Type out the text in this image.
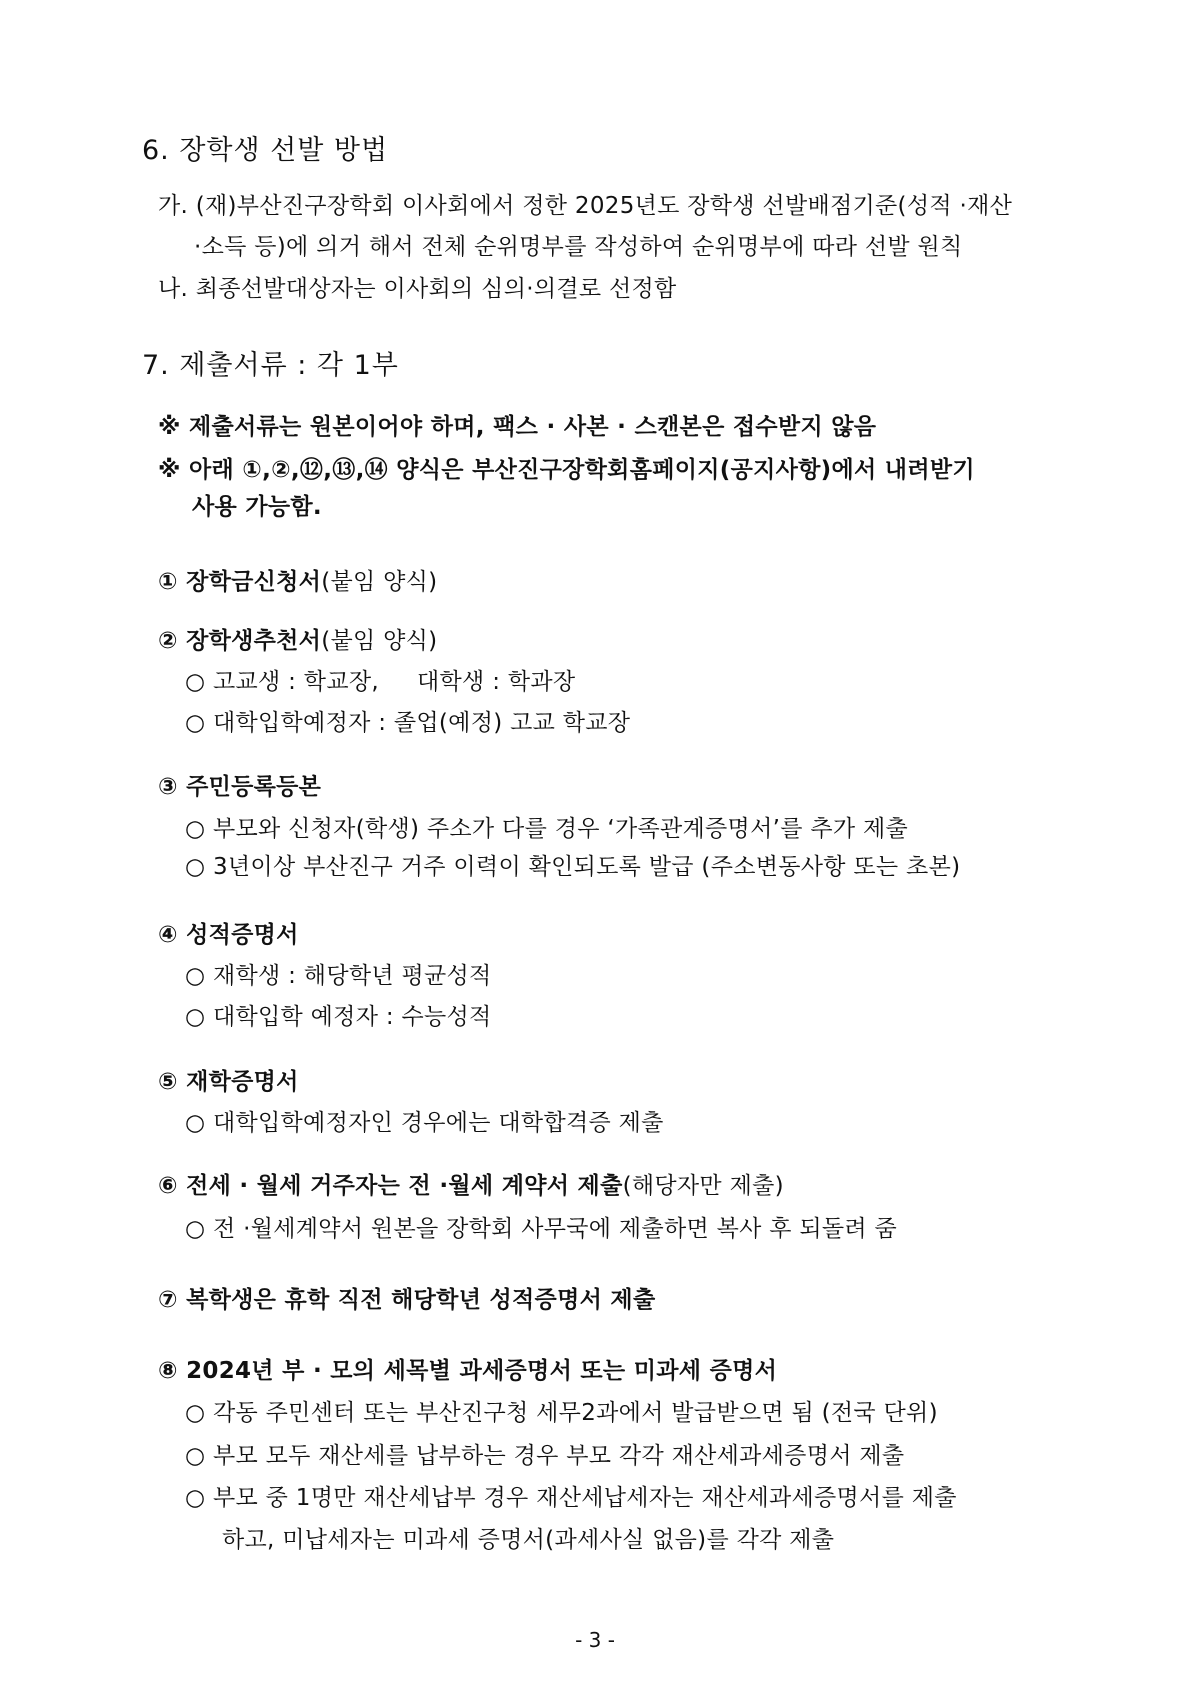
6. 장학생 선발 방법
가. (재)부산진구장학회 이사회에서 정한 2025년도 장학생 선발배점기준(성적 ·재산
·소득 등)에 의거 해서 전체 순위명부를 작성하여 순위명부에 따라 선발 원칙
나. 최종선발대상자는 이사회의 심의·의결로 선정함
7. 제출서류 : 각 1부
※ 제출서류는 원본이어야 하며, 팩스 · 사본 · 스캔본은 접수받지 않음
※ 아래 ①,②,⑫,⑬,⑭ 양식은 부산진구장학회홈페이지(공지사항)에서 내려받기
사용 가능함.
① 장학금신청서(붙임 양식)
② 장학생추천서(붙임 양식)
○ 고교생 : 학교장,     대학생 : 학과장
○ 대학입학예정자 : 졸업(예정) 고교 학교장
③ 주민등록등본
○ 부모와 신청자(학생) 주소가 다를 경우 ‘가족관계증명서’를 추가 제출
○ 3년이상 부산진구 거주 이력이 확인되도록 발급 (주소변동사항 또는 초본)
④ 성적증명서
○ 재학생 : 해당학년 평균성적
○ 대학입학 예정자 : 수능성적
⑤ 재학증명서
○ 대학입학예정자인 경우에는 대학합격증 제출
⑥ 전세 · 월세 거주자는 전 ·월세 계약서 제출(해당자만 제출)
○ 전 ·월세계약서 원본을 장학회 사무국에 제출하면 복사 후 되돌려 줌
⑦ 복학생은 휴학 직전 해당학년 성적증명서 제출
⑧ 2024년 부 · 모의 세목별 과세증명서 또는 미과세 증명서
○ 각동 주민센터 또는 부산진구청 세무2과에서 발급받으면 됨 (전국 단위)
○ 부모 모두 재산세를 납부하는 경우 부모 각각 재산세과세증명서 제출
○ 부모 중 1명만 재산세납부 경우 재산세납세자는 재산세과세증명서를 제출
하고, 미납세자는 미과세 증명서(과세사실 없음)를 각각 제출
- 3 -
